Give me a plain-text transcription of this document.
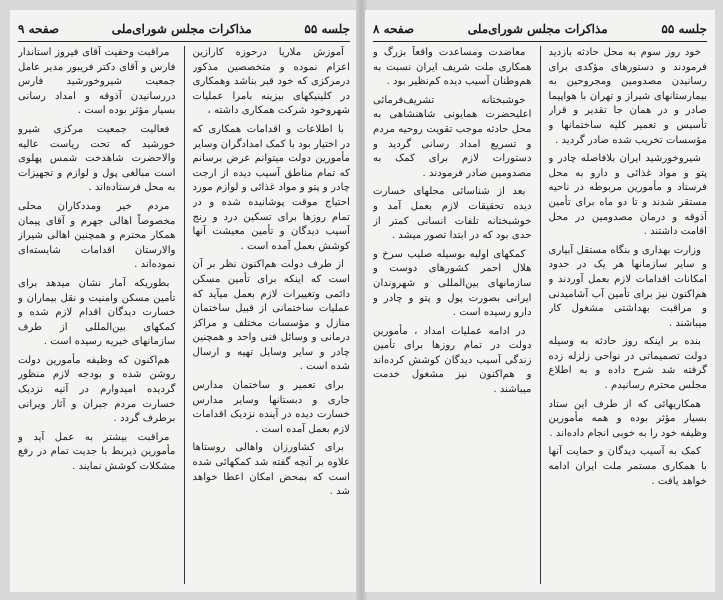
صفحه ۹	مذاکرات مجلس شورای‌ملی	جلسه ۵۵

آموزش ملاریا درحوزه کارازین اعزام نموده و متخصصین مذکور درمرکزی که خود قبر بناشد وهمکاری در کلینیکهای بیزینه بامرا عملیات شهروخود شرکت همکاری داشته ،

با اطلاعات و اقدامات همکاری که در اختیار بود با کمک امدادگران وسایر مأمورین دولت میتوانم عرض برسانم که تمام مناطق آسیب دیده از ارجت چادر و پتو و مواد غذائی و لوازم مورد احتیاج موقت پوشانیده شده و در تمام روزها برای تسکین درد و رنج آسیب دیدگان و تأمین معیشت آنها کوشش بعمل آمده است .

از طرف دولت هم‌اکنون نظر بر آن است که اینکه برای تأمین مسکن دائمی وتغییرات لازم بعمل میآید که عملیات ساختمانی از قبیل ساختمان منازل و مؤسسات مختلف و مراکز درمانی و وسائل فنی واحد و همچنین چادر و سایر وسایل تهیه و ارسال شده است .

برای تعمیر و ساختمان مدارس جاری و دبستانها وسایر مدارس خسارت دیده در آینده نزدیک اقدامات لازم بعمل آمده است .

برای کشاورزان واهالی روستاها علاوه بر آنچه گفته شد کمکهائی شده است که بمحض امکان اعطا خواهد شد .

مراقبت وحفیت آقای فیروز استاندار فارس و آقای دکتر فریبور مدیر عامل جمعیت شیروخورشید فارس دررسانیدن آذوقه و امداد رسانی بسیار مؤثر بوده است .

فعالیت جمعیت مرکزی شیرو خورشید که تحت ریاست عالیه والاحضرت شاهدخت شمس پهلوی است مبالغی پول و لوازم و تجهیزات به محل فرستاده‌اند .

مردم خیر ومددکاران محلی مخصوصاً اهالی جهرم و آقای پیمان همکار محترم و همچنین اهالی شیراز والارستان اقدامات شایسته‌ای نموده‌اند .

بطوریکه آمار نشان میدهد برای تأمین مسکن وامنیت و نقل بیماران و خسارت دیدگان اقدام لازم شده و کمکهای بین‌المللی از طرف سازمانهای خیریه رسیده است .

هم‌اکنون که وظیفه مأمورین دولت روشن شده و بودجه لازم منظور گردیده امیدوارم در آتیه نزدیک خسارت مردم جبران و آثار ویرانی برطرف گردد .

مراقبت بیشتر به عمل آید و مأمورین ذیربط با جدیت تمام در رفع مشکلات کوشش نمایند .

صفحه ۸	مذاکرات مجلس شورای‌ملی	جلسه ۵۵

خود روز سوم به محل حادثه بازدید فرمودند و دستورهای مؤکدی برای رسانیدن مصدومین ومجروحین به بیمارستانهای شیراز و تهران با هواپیما صادر و در همان جا تقدیر و قرار تأسیس و تعمیر کلیه ساختمانها و مؤسسات تخریب شده صادر گردید .

شیروخورشید ایران بلافاصله چادر و پتو و مواد غذائی و دارو به محل فرستاد و مأمورین مربوطه در ناحیه مستقر شدند و تا دو ماه برای تأمین آذوقه و درمان مصدومین در محل اقامت داشتند .

وزارت بهداری و بنگاه مستقل آبیاری و سایر سازمانها هر یک در حدود امکانات اقدامات لازم بعمل آوردند و هم‌اکنون نیز برای تأمین آب آشامیدنی و مراقبت بهداشتی مشغول کار میباشند .

بنده بر اینکه روز حادثه به وسیله دولت تصمیماتی در نواحی زلزله زده گرفته شد شرح داده و به اطلاع مجلس محترم رسانیدم .

همکاریهائی که از طرف این ستاد بسیار مؤثر بوده و همه مأمورین وظیفه خود را به خوبی انجام داده‌اند .

کمک به آسیب دیدگان و حمایت آنها با همکاری مستمر ملت ایران ادامه خواهد یافت .

معاضدت ومساعدت واقعاً بزرگ و همکاری ملت شریف ایران نسبت به هم‌وطنان آسیب دیده کم‌نظیر بود .

خوشبختانه تشریف‌فرمائی اعلیحضرت همایونی شاهنشاهی به محل حادثه موجب تقویت روحیه مردم و تسریع امداد رسانی گردید و دستورات لازم برای کمک به مصدومین صادر فرمودند .

بعد از شناسائی محلهای خسارت دیده تحقیقات لازم بعمل آمد و خوشبختانه تلفات انسانی کمتر از حدی بود که در ابتدا تصور میشد .

کمکهای اولیه بوسیله صلیب سرخ و هلال احمر کشورهای دوست و سازمانهای بین‌المللی و شهروندان ایرانی بصورت پول و پتو و چادر و دارو رسیده است .

در ادامه عملیات امداد ، مأمورین دولت در تمام روزها برای تأمین زندگی آسیب دیدگان کوشش کرده‌اند و هم‌اکنون نیز مشغول خدمت میباشند .
